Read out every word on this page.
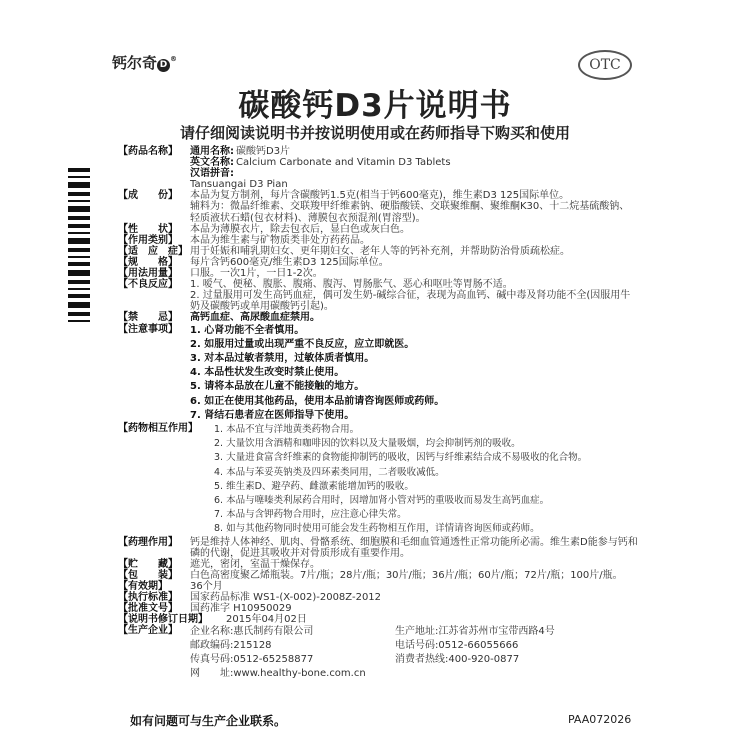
钙尔奇 D®	OTC
碳酸钙D3片说明书
请仔细阅读说明书并按说明使用或在药师指导下购买和使用
【药品名称】	通用名称: 碳酸钙D3片
英文名称: Calcium Carbonate and Vitamin D3 Tablets
汉语拼音:
Tansuangai D3 Pian
【成　　份】	本品为复方制剂，每片含碳酸钙1.5克(相当于钙600毫克)，维生素D3 125国际单位。
辅料为：微晶纤维素、交联羧甲纤维素钠、硬脂酸镁、交联聚维酮、聚维酮K30、十二烷基硫酸钠、轻质液状石蜡(包衣材料)、薄膜包衣预混剂(胃溶型)。
【性　　状】	本品为薄膜衣片，除去包衣后，显白色或灰白色。
【作用类别】	本品为维生素与矿物质类非处方药药品。
【适　应　症】 用于妊娠和哺乳期妇女、更年期妇女、老年人等的钙补充剂，并帮助防治骨质疏松症。
【规　　格】	每片含钙600毫克/维生素D3 125国际单位。
【用法用量】	口服。一次1片，一日1-2次。
【不良反应】	1. 嗳气、便秘、腹胀、腹痛、腹泻、胃肠胀气、恶心和呕吐等胃肠不适。
2. 过量服用可发生高钙血症，偶可发生奶-碱综合征，表现为高血钙、碱中毒及肾功能不全(因服用牛奶及碳酸钙或单用碳酸钙引起)。
【禁　　忌】	高钙血症、高尿酸血症禁用。
【注意事项】	1. 心肾功能不全者慎用。
2. 如服用过量或出现严重不良反应，应立即就医。
3. 对本品过敏者禁用，过敏体质者慎用。
4. 本品性状发生改变时禁止使用。
5. 请将本品放在儿童不能接触的地方。
6. 如正在使用其他药品，使用本品前请咨询医师或药师。
7. 肾结石患者应在医师指导下使用。
【药物相互作用】	1. 本品不宜与洋地黄类药物合用。
2. 大量饮用含酒精和咖啡因的饮料以及大量吸烟，均会抑制钙剂的吸收。
3. 大量进食富含纤维素的食物能抑制钙的吸收，因钙与纤维素结合成不易吸收的化合物。
4. 本品与苯妥英钠类及四环素类同用，二者吸收减低。
5. 维生素D、避孕药、雌激素能增加钙的吸收。
6. 本品与噻嗪类利尿药合用时，因增加肾小管对钙的重吸收而易发生高钙血症。
7. 本品与含钾药物合用时，应注意心律失常。
8. 如与其他药物同时使用可能会发生药物相互作用，详情请咨询医师或药师。
【药理作用】	钙是维持人体神经、肌肉、骨骼系统、细胞膜和毛细血管通透性正常功能所必需。维生素D能参与钙和磷的代谢，促进其吸收并对骨质形成有重要作用。
【贮　　藏】	遮光，密闭，室温干燥保存。
【包　　装】	白色高密度聚乙烯瓶装。7片/瓶；28片/瓶；30片/瓶；36片/瓶；60片/瓶；72片/瓶；100片/瓶。
【有效期】	36个月
【执行标准】	国家药品标准 WS1-(X-002)-2008Z-2012
【批准文号】	国药准字 H10950029
【说明书修订日期】	2015年04月02日
【生产企业】	企业名称:惠氏制药有限公司	生产地址:江苏省苏州市宝带西路4号
邮政编码:215128	电话号码:0512-66055666
传真号码:0512-65258877	消费者热线:400-920-0877
网　　址:www.healthy-bone.com.cn
如有问题可与生产企业联系。	PAA072026
